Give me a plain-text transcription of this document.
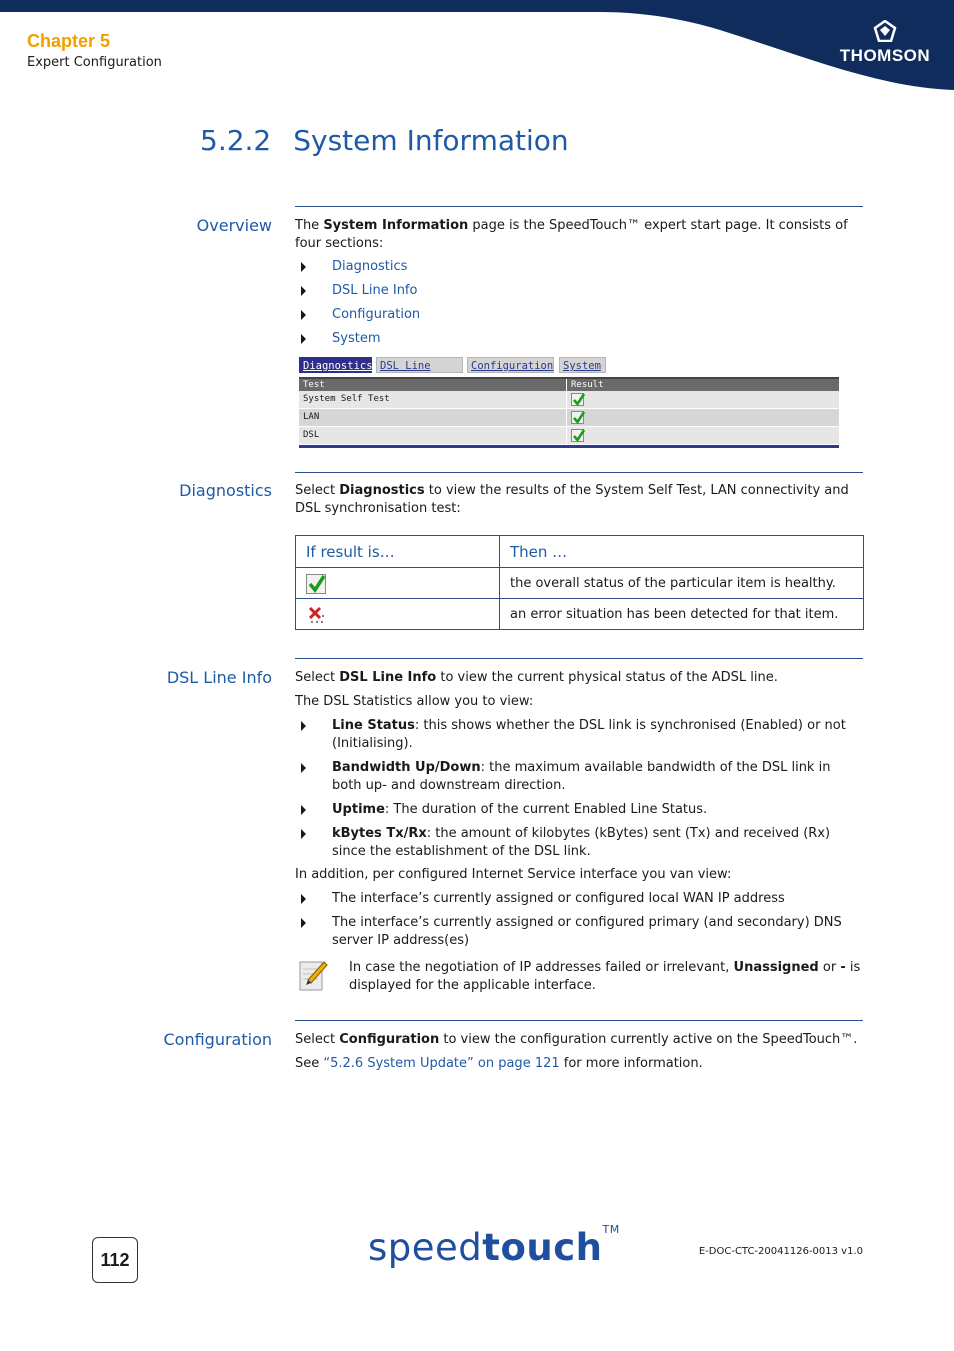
Chapter 5
Expert Configuration	THOMSON
5.2.2 System Information
Overview The System Information page is the SpeedTouch™ expert start page. It consists of four sections:
Diagnostics
DSL Line Info
Configuration
System
Diagnostics DSL Line	Configuration System
Test	Result
System Self Test
LAN
DSL
Diagnostics Select Diagnostics to view the results of the System Self Test, LAN connectivity and DSL synchronisation test:
If result is…	Then …

	the overall status of the particular item is healthy.
	an error situation has been detected for that item.
DSL Line Info Select DSL Line Info to view the current physical status of the ADSL line.
The DSL Statistics allow you to view:
Line Status: this shows whether the DSL link is synchronised (Enabled) or not (Initialising).
Bandwidth Up/Down: the maximum available bandwidth of the DSL link in both up- and downstream direction.
Uptime: The duration of the current Enabled Line Status.
kBytes Tx/Rx: the amount of kilobytes (kBytes) sent (Tx) and received (Rx) since the establishment of the DSL link.
In addition, per configured Internet Service interface you van view:
The interface’s currently assigned or configured local WAN IP address
The interface’s currently assigned or configured primary (and secondary) DNS server IP address(es)
In case the negotiation of IP addresses failed or irrelevant, Unassigned or - is displayed for the applicable interface.
Configuration Select Configuration to view the configuration currently active on the SpeedTouch™.
See “5.2.6 System Update” on page 121 for more information.
112	speedtouch™
E-DOC-CTC-20041126-0013 v1.0
